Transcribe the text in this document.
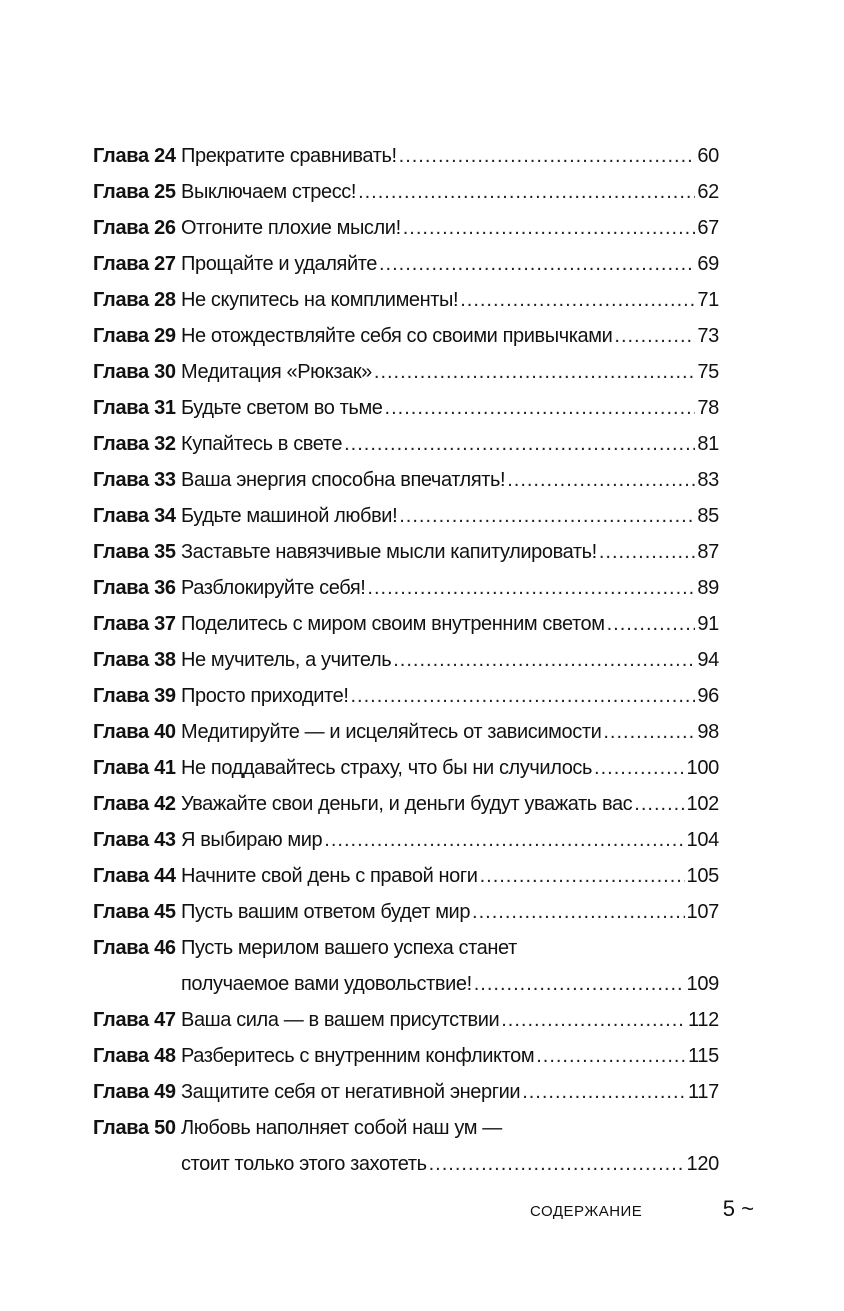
Глава 24 Прекратите сравнивать! .....	60
Глава 25 Выключаем стресс! .....	62
Глава 26 Отгоните плохие мысли! .....	67
Глава 27 Прощайте и удаляйте .....	69
Глава 28 Не скупитесь на комплименты! .....	71
Глава 29 Не отождествляйте себя со своими привычками .....	73
Глава 30 Медитация «Рюкзак» .....	75
Глава 31 Будьте светом во тьме .....	78
Глава 32 Купайтесь в свете .....	81
Глава 33 Ваша энергия способна впечатлять! .....	83
Глава 34 Будьте машиной любви! .....	85
Глава 35 Заставьте навязчивые мысли капитулировать! .....	87
Глава 36 Разблокируйте себя! .....	89
Глава 37 Поделитесь с миром своим внутренним светом .....	91
Глава 38 Не мучитель, а учитель .....	94
Глава 39 Просто приходите! .....	96
Глава 40 Медитируйте — и исцеляйтесь от зависимости .....	98
Глава 41 Не поддавайтесь страху, что бы ни случилось .....	100
Глава 42 Уважайте свои деньги, и деньги будут уважать вас .....	102
Глава 43 Я выбираю мир .....	104
Глава 44 Начните свой день с правой ноги .....	105
Глава 45 Пусть вашим ответом будет мир .....	107
Глава 46 Пусть мерилом вашего успеха станет
получаемое вами удовольствие! .....	109
Глава 47 Ваша сила — в вашем присутствии .....	112
Глава 48 Разберитесь с внутренним конфликтом .....	115
Глава 49 Защитите себя от негативной энергии .....	117
Глава 50 Любовь наполняет собой наш ум —
стоит только этого захотеть .....	120
СОДЕРЖАНИЕ	5 ~
